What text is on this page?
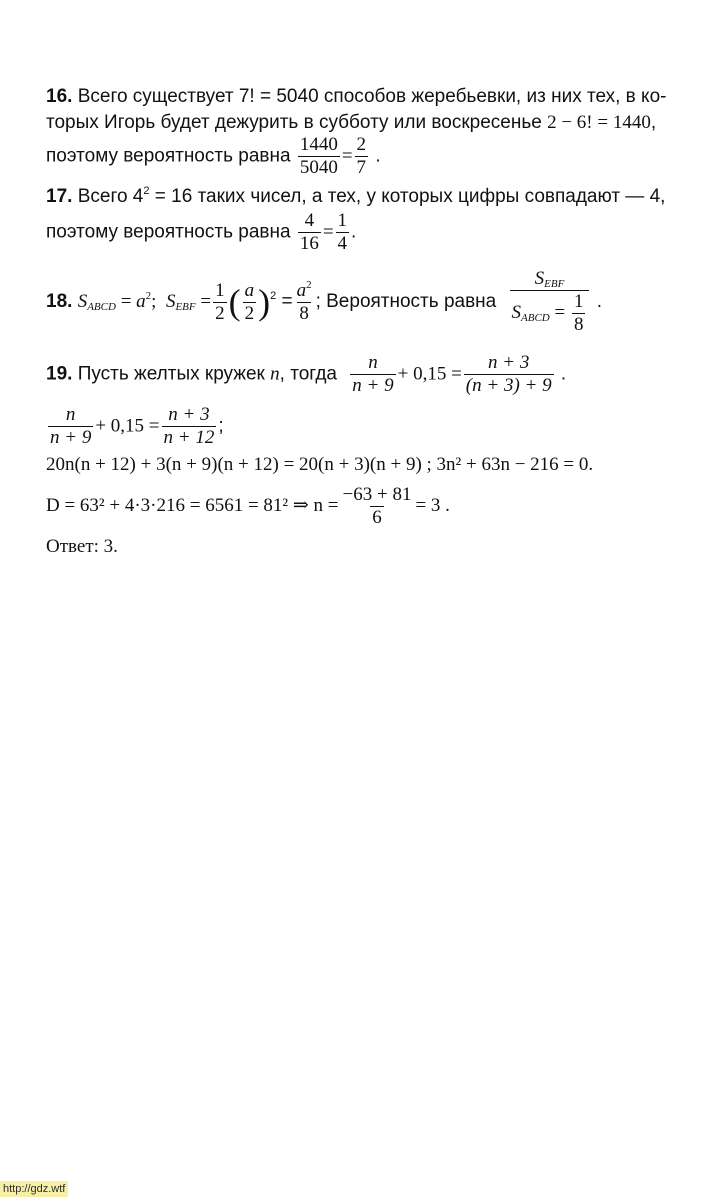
16. Всего существует 7! = 5040 способов жеребьевки, из них тех, в ко-
торых Игорь будет дежурить в субботу или воскресенье 2 − 6! = 1440,
поэтому вероятность равна $\frac{1440}{5040} = \frac{2}{7}$ .
17. Всего $4^2 = 16$ таких чисел, а тех, у которых цифры совпадают — 4,
поэтому вероятность равна $\frac{4}{16} = \frac{1}{4}$ .
18. $S_{ABCD} = a^2$;  $S_{EBF} = \frac{1}{2}$ ( $\frac{a}{2} )^2 = \frac{a^2}{8}$ ; Вероятность равна $\frac{S_{EBF}}{S_{ABCD} = \frac{1}{8}}$ .
19. Пусть желтых кружек n, тогда $\frac{n}{n + 9} + 0,15 = \frac{n + 3}{(n + 3) + 9}$ .
$\frac{n}{n + 9} + 0,15 = \frac{n + 3}{n + 12}$ ;
20n(n + 12) + 3(n + 9)(n + 12) = 20(n + 3)(n + 9) ; 3n² + 63n − 216 = 0.
D = 63² + 4·3·216 = 6561 = 81² ⇒ $n = \frac{-63 + 81}{6} = 3$ .
Ответ: 3.
http://gdz.wtf
